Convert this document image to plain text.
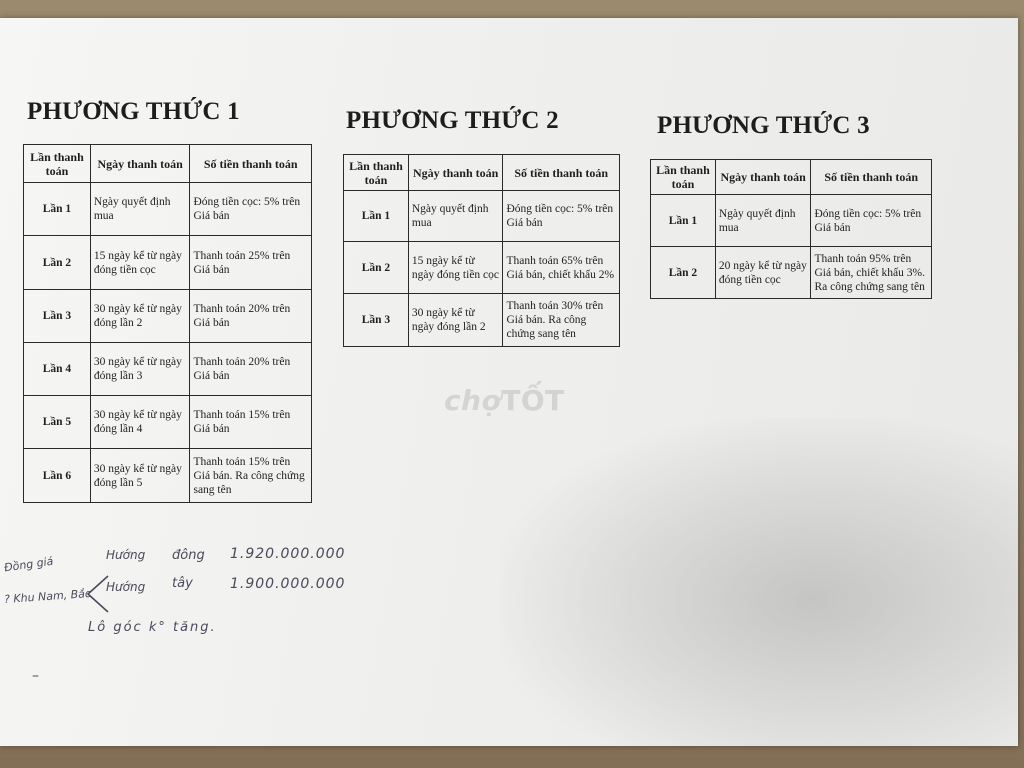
PHƯƠNG THỨC 1
Lần thanh toán	Ngày thanh toán	Số tiền thanh toán
Lần 1	Ngày quyết định mua	Đóng tiền cọc: 5% trên Giá bán
Lần 2	15 ngày kể từ ngày đóng tiền cọc	Thanh toán 25% trên Giá bán
Lần 3	30 ngày kể từ ngày đóng lần 2	Thanh toán 20% trên Giá bán
Lần 4	30 ngày kể từ ngày đóng lần 3	Thanh toán 20% trên Giá bán
Lần 5	30 ngày kể từ ngày đóng lần 4	Thanh toán 15% trên Giá bán
Lần 6	30 ngày kể từ ngày đóng lần 5	Thanh toán 15% trên Giá bán. Ra công chứng sang tên
PHƯƠNG THỨC 2
Lần thanh toán	Ngày thanh toán	Số tiền thanh toán
Lần 1	Ngày quyết định mua	Đóng tiền cọc: 5% trên Giá bán
Lần 2	15 ngày kể từ ngày đóng tiền cọc	Thanh toán 65% trên Giá bán, chiết khấu 2%
Lần 3	30 ngày kể từ ngày đóng lần 2	Thanh toán 30% trên Giá bán. Ra công chứng sang tên
PHƯƠNG THỨC 3
Lần thanh toán	Ngày thanh toán	Số tiền thanh toán
Lần 1	Ngày quyết định mua	Đóng tiền cọc: 5% trên Giá bán
Lần 2	20 ngày kể từ ngày đóng tiền cọc	Thanh toán 95% trên Giá bán, chiết khấu 3%. Ra công chứng sang tên
chợTỐT
Đồng giá
? Khu Nam, Bắc
Hướng đông 1.920.000.000
Hướng tây	1.900.000.000
Lô góc k° tăng.
–
